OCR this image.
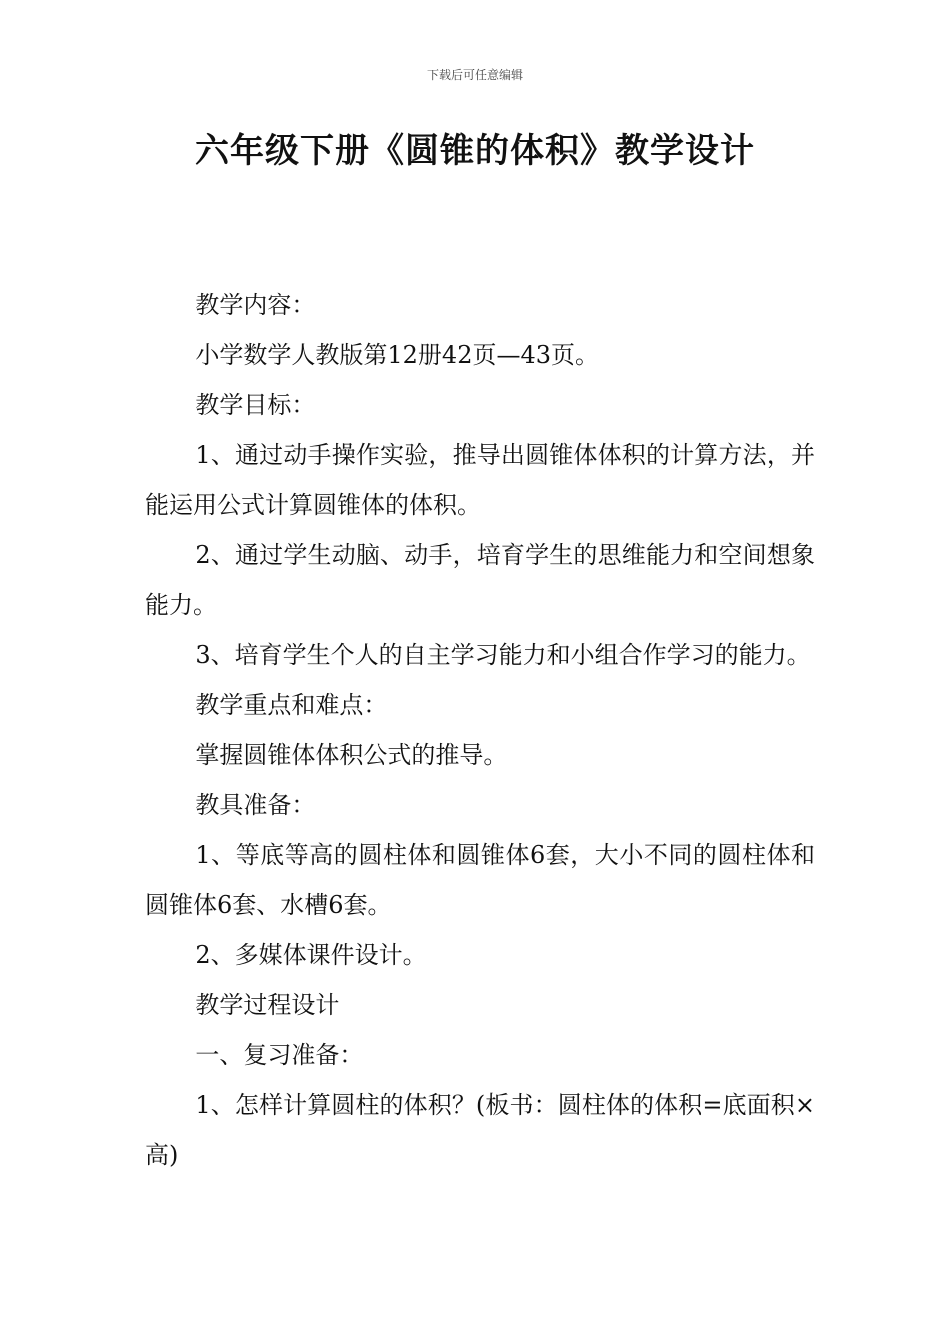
下载后可任意编辑
六年级下册《圆锥的体积》教学设计

教学内容：

小学数学人教版第12册42页—43页。

教学目标：

1、通过动手操作实验，推导出圆锥体体积的计算方法，并能运用公式计算圆锥体的体积。

2、通过学生动脑、动手，培育学生的思维能力和空间想象能力。

3、培育学生个人的自主学习能力和小组合作学习的能力。

教学重点和难点：

掌握圆锥体体积公式的推导。

教具准备：

1、等底等高的圆柱体和圆锥体6套，大小不同的圆柱体和圆锥体6套、水槽6套。

2、多媒体课件设计。

教学过程设计

一、复习准备：

1、怎样计算圆柱的体积？(板书：圆柱体的体积=底面积×高)
